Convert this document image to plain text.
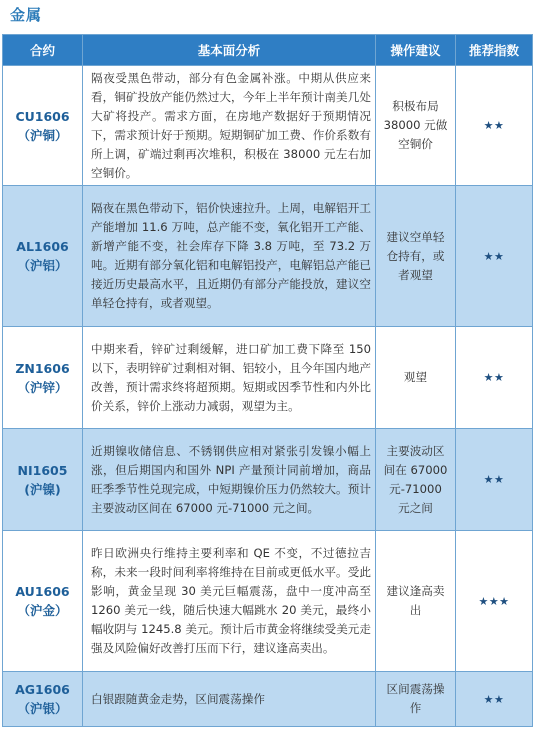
金属
合约	基本面分析	操作建议	推荐指数

CU1606
（沪铜）	隔夜受黑色带动，部分有色金属补涨。中期从供应来看，铜矿投放产能仍然过大，今年上半年预计南美几处大矿将投产。需求方面，在房地产数据好于预期情况下，需求预计好于预期。短期铜矿加工费、作价系数有所上调，矿端过剩再次堆积，积极在 38000 元左右加空铜价。	积极布局38000 元做空铜价	★★

AL1606
（沪铝）	隔夜在黑色带动下，铝价快速拉升。上周，电解铝开工产能增加 11.6 万吨，总产能不变，氧化铝开工产能、新增产能不变，社会库存下降 3.8 万吨，至 73.2 万吨。近期有部分氧化铝和电解铝投产，电解铝总产能已接近历史最高水平，且近期仍有部分产能投放，建议空单轻仓持有，或者观望。	建议空单轻仓持有，或者观望	★★

ZN1606
（沪锌）	中期来看，锌矿过剩缓解，进口矿加工费下降至 150 以下，表明锌矿过剩相对铜、铝较小，且今年国内地产改善，预计需求终将超预期。短期或因季节性和内外比价关系，锌价上涨动力减弱，观望为主。	观望	★★

NI1605
(沪镍)	近期镍收储信息、不锈钢供应相对紧张引发镍小幅上涨，但后期国内和国外 NPI 产量预计同前增加，商品旺季季节性兑现完成，中短期镍价压力仍然较大。预计主要波动区间在 67000 元-71000 元之间。	主要波动区间在 67000 元-71000 元之间	★★

AU1606
（沪金）	昨日欧洲央行维持主要利率和 QE 不变，不过德拉吉称，未来一段时间利率将维持在目前或更低水平。受此影响，黄金呈现 30 美元巨幅震荡，盘中一度冲高至 1260 美元一线，随后快速大幅跳水 20 美元，最终小幅收阴与 1245.8 美元。预计后市黄金将继续受美元走强及风险偏好改善打压而下行，建议逢高卖出。	建议逢高卖出	★★★

AG1606
（沪银）	白银跟随黄金走势，区间震荡操作	区间震荡操作	★★
